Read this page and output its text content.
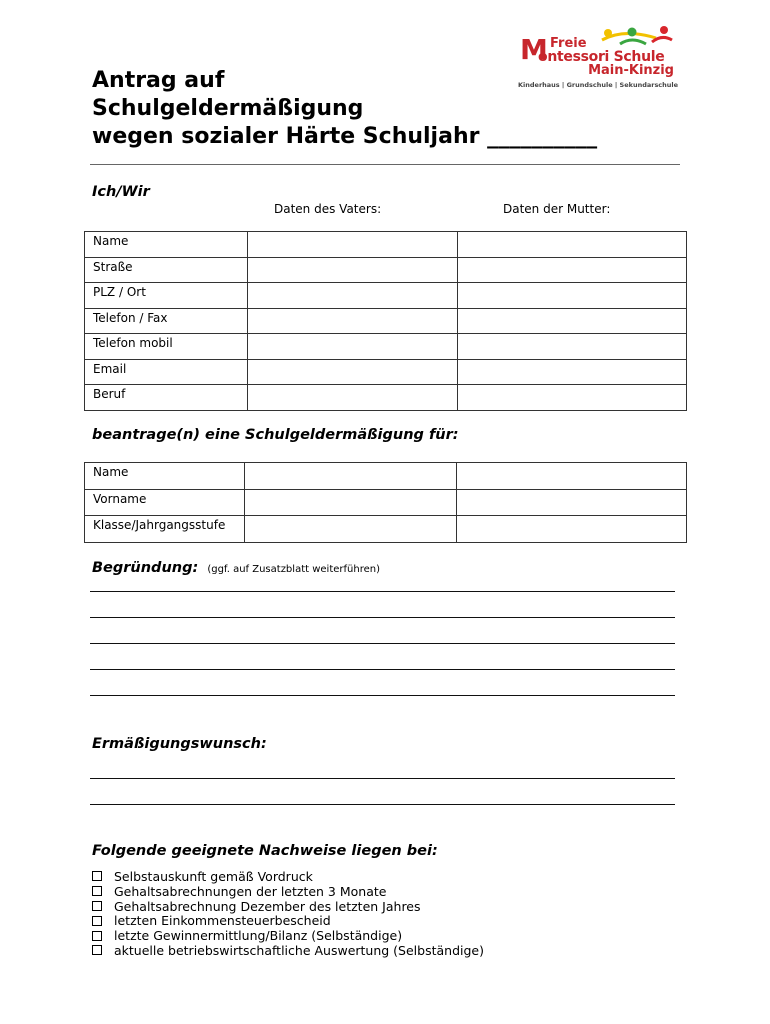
M Freie
ontessori Schule
Main-Kinzig
Kinderhaus | Grundschule | Sekundarschule
Antrag auf
Schulgeldermäßigung
wegen sozialer Härte Schuljahr __________
Ich/Wir
Daten des Vaters:	Daten der Mutter:
Name		
Straße		
PLZ / Ort		
Telefon / Fax		
Telefon mobil		
Email		
Beruf		
beantrage(n) eine Schulgeldermäßigung für:
Name		
Vorname		
Klasse/Jahrgangsstufe		
Begründung: (ggf. auf Zusatzblatt weiterführen)
Ermäßigungswunsch:
Folgende geeignete Nachweise liegen bei:
Selbstauskunft gemäß Vordruck
Gehaltsabrechnungen der letzten 3 Monate
Gehaltsabrechnung Dezember des letzten Jahres
letzten Einkommensteuerbescheid
letzte Gewinnermittlung/Bilanz (Selbständige)
aktuelle betriebswirtschaftliche Auswertung (Selbständige)
